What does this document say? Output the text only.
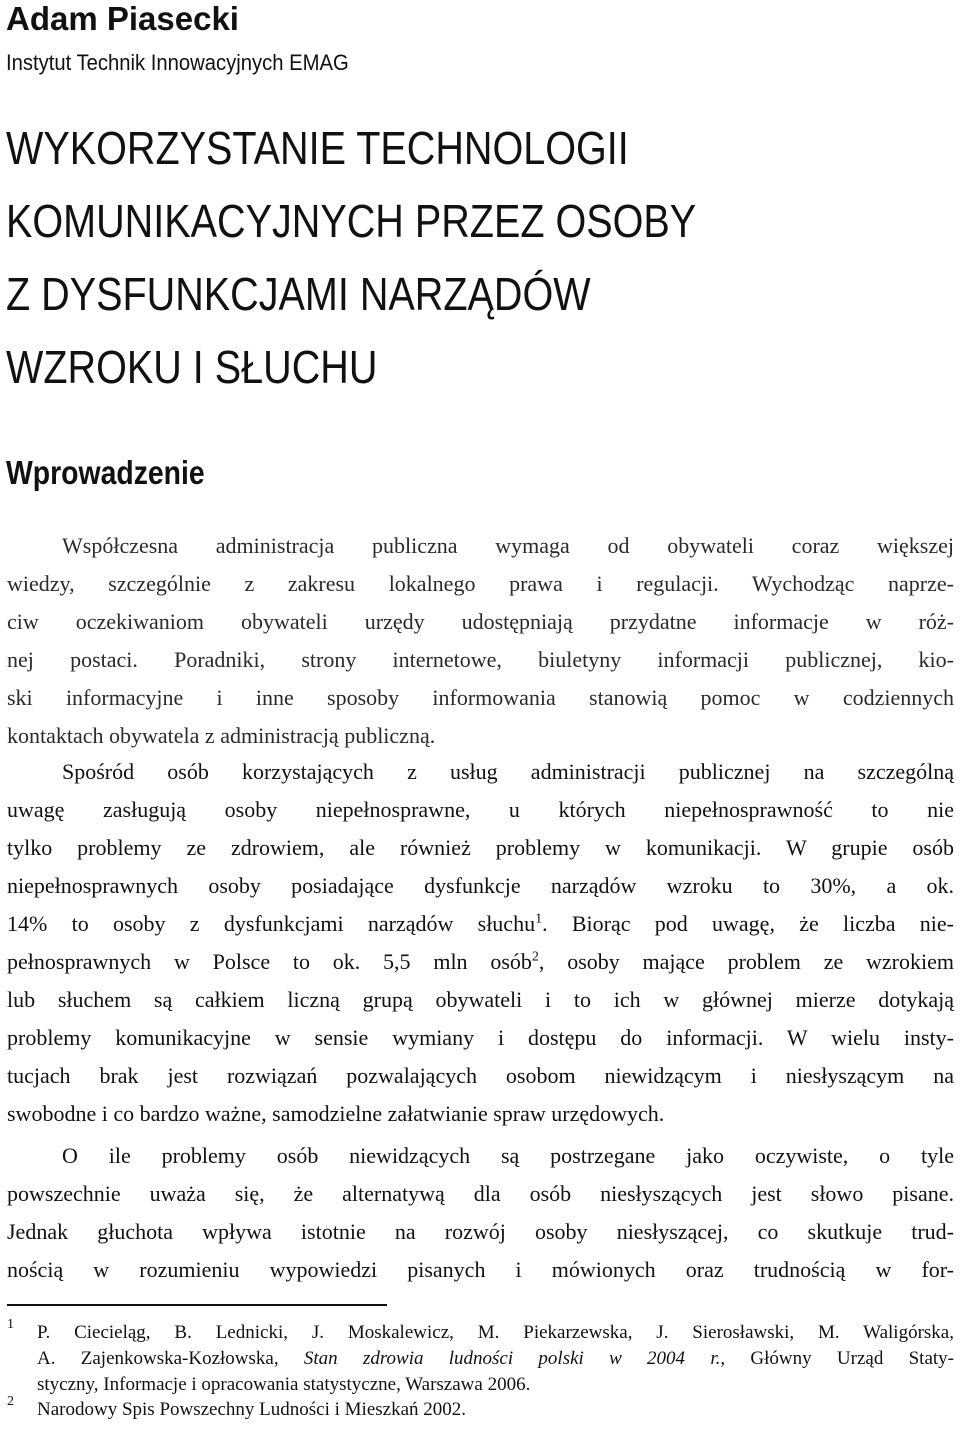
Adam Piasecki

Instytut Technik Innowacyjnych EMAG

WYKORZYSTANIE TECHNOLOGII
KOMUNIKACYJNYCH PRZEZ OSOBY
Z DYSFUNKCJAMI NARZĄDÓW
WZROKU I SŁUCHU
Wprowadzenie
Współczesna administracja publiczna wymaga od obywateli coraz większej
wiedzy, szczególnie z zakresu lokalnego prawa i regulacji. Wychodząc naprze-
ciw oczekiwaniom obywateli urzędy udostępniają przydatne informacje w róż-
nej postaci. Poradniki, strony internetowe, biuletyny informacji publicznej, kio-
ski informacyjne i inne sposoby informowania stanowią pomoc w codziennych
kontaktach obywatela z administracją publiczną.
Spośród osób korzystających z usług administracji publicznej na szczególną
uwagę zasługują osoby niepełnosprawne, u których niepełnosprawność to nie
tylko problemy ze zdrowiem, ale również problemy w komunikacji. W grupie osób
niepełnosprawnych osoby posiadające dysfunkcje narządów wzroku to 30%, a ok.
14% to osoby z dysfunkcjami narządów słuchu$^1$. Biorąc pod uwagę, że liczba nie-
pełnosprawnych w Polsce to ok. 5,5 mln osób$^2$, osoby mające problem ze wzrokiem
lub słuchem są całkiem liczną grupą obywateli i to ich w głównej mierze dotykają
problemy komunikacyjne w sensie wymiany i dostępu do informacji. W wielu insty-
tucjach brak jest rozwiązań pozwalających osobom niewidzącym i niesłyszącym na
swobodne i co bardzo ważne, samodzielne załatwianie spraw urzędowych.
O ile problemy osób niewidzących są postrzegane jako oczywiste, o tyle
powszechnie uważa się, że alternatywą dla osób niesłyszących jest słowo pisane.
Jednak głuchota wpływa istotnie na rozwój osoby niesłyszącej, co skutkuje trud-
nością w rozumieniu wypowiedzi pisanych i mówionych oraz trudnością w for-
1 P. Ciecieląg, B. Lednicki, J. Moskalewicz, M. Piekarzewska, J. Sierosławski, M. Waligórska,
A. Zajenkowska-Kozłowska, Stan zdrowia ludności polski w 2004 r., Główny Urząd Staty-
styczny, Informacje i opracowania statystyczne, Warszawa 2006.
2 Narodowy Spis Powszechny Ludności i Mieszkań 2002.
